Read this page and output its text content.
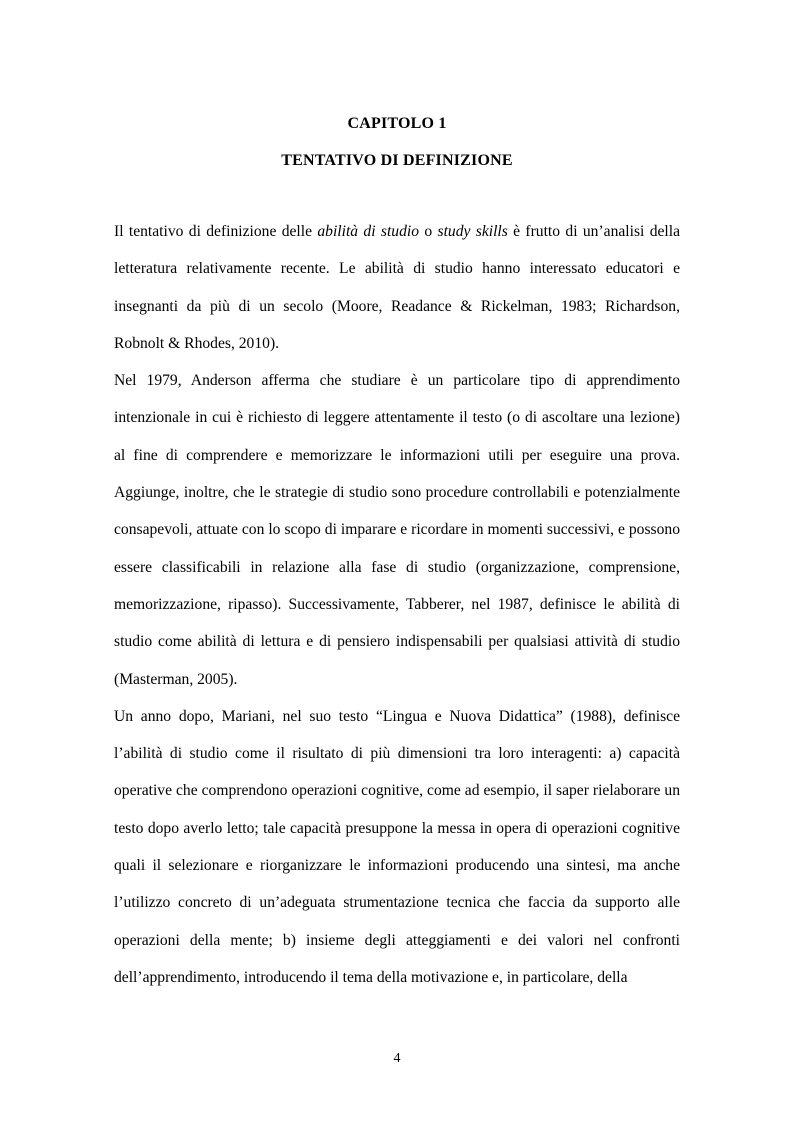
CAPITOLO 1
TENTATIVO DI DEFINIZIONE

Il tentativo di definizione delle abilità di studio o study skills è frutto di un’analisi della letteratura relativamente recente. Le abilità di studio hanno interessato educatori e insegnanti da più di un secolo (Moore, Readance & Rickelman, 1983; Richardson, Robnolt & Rhodes, 2010).

Nel 1979, Anderson afferma che studiare è un particolare tipo di apprendimento intenzionale in cui è richiesto di leggere attentamente il testo (o di ascoltare una lezione) al fine di comprendere e memorizzare le informazioni utili per eseguire una prova. Aggiunge, inoltre, che le strategie di studio sono procedure controllabili e potenzialmente consapevoli, attuate con lo scopo di imparare e ricordare in momenti successivi, e possono essere classificabili in relazione alla fase di studio (organizzazione, comprensione, memorizzazione, ripasso). Successivamente, Tabberer, nel 1987, definisce le abilità di studio come abilità di lettura e di pensiero indispensabili per qualsiasi attività di studio (Masterman, 2005).

Un anno dopo, Mariani, nel suo testo “Lingua e Nuova Didattica” (1988), definisce l’abilità di studio come il risultato di più dimensioni tra loro interagenti: a) capacità operative che comprendono operazioni cognitive, come ad esempio, il saper rielaborare un testo dopo averlo letto; tale capacità presuppone la messa in opera di operazioni cognitive quali il selezionare e riorganizzare le informazioni producendo una sintesi, ma anche l’utilizzo concreto di un’adeguata strumentazione tecnica che faccia da supporto alle operazioni della mente; b) insieme degli atteggiamenti e dei valori nel confronti dell’apprendimento, introducendo il tema della motivazione e, in particolare, della

4
